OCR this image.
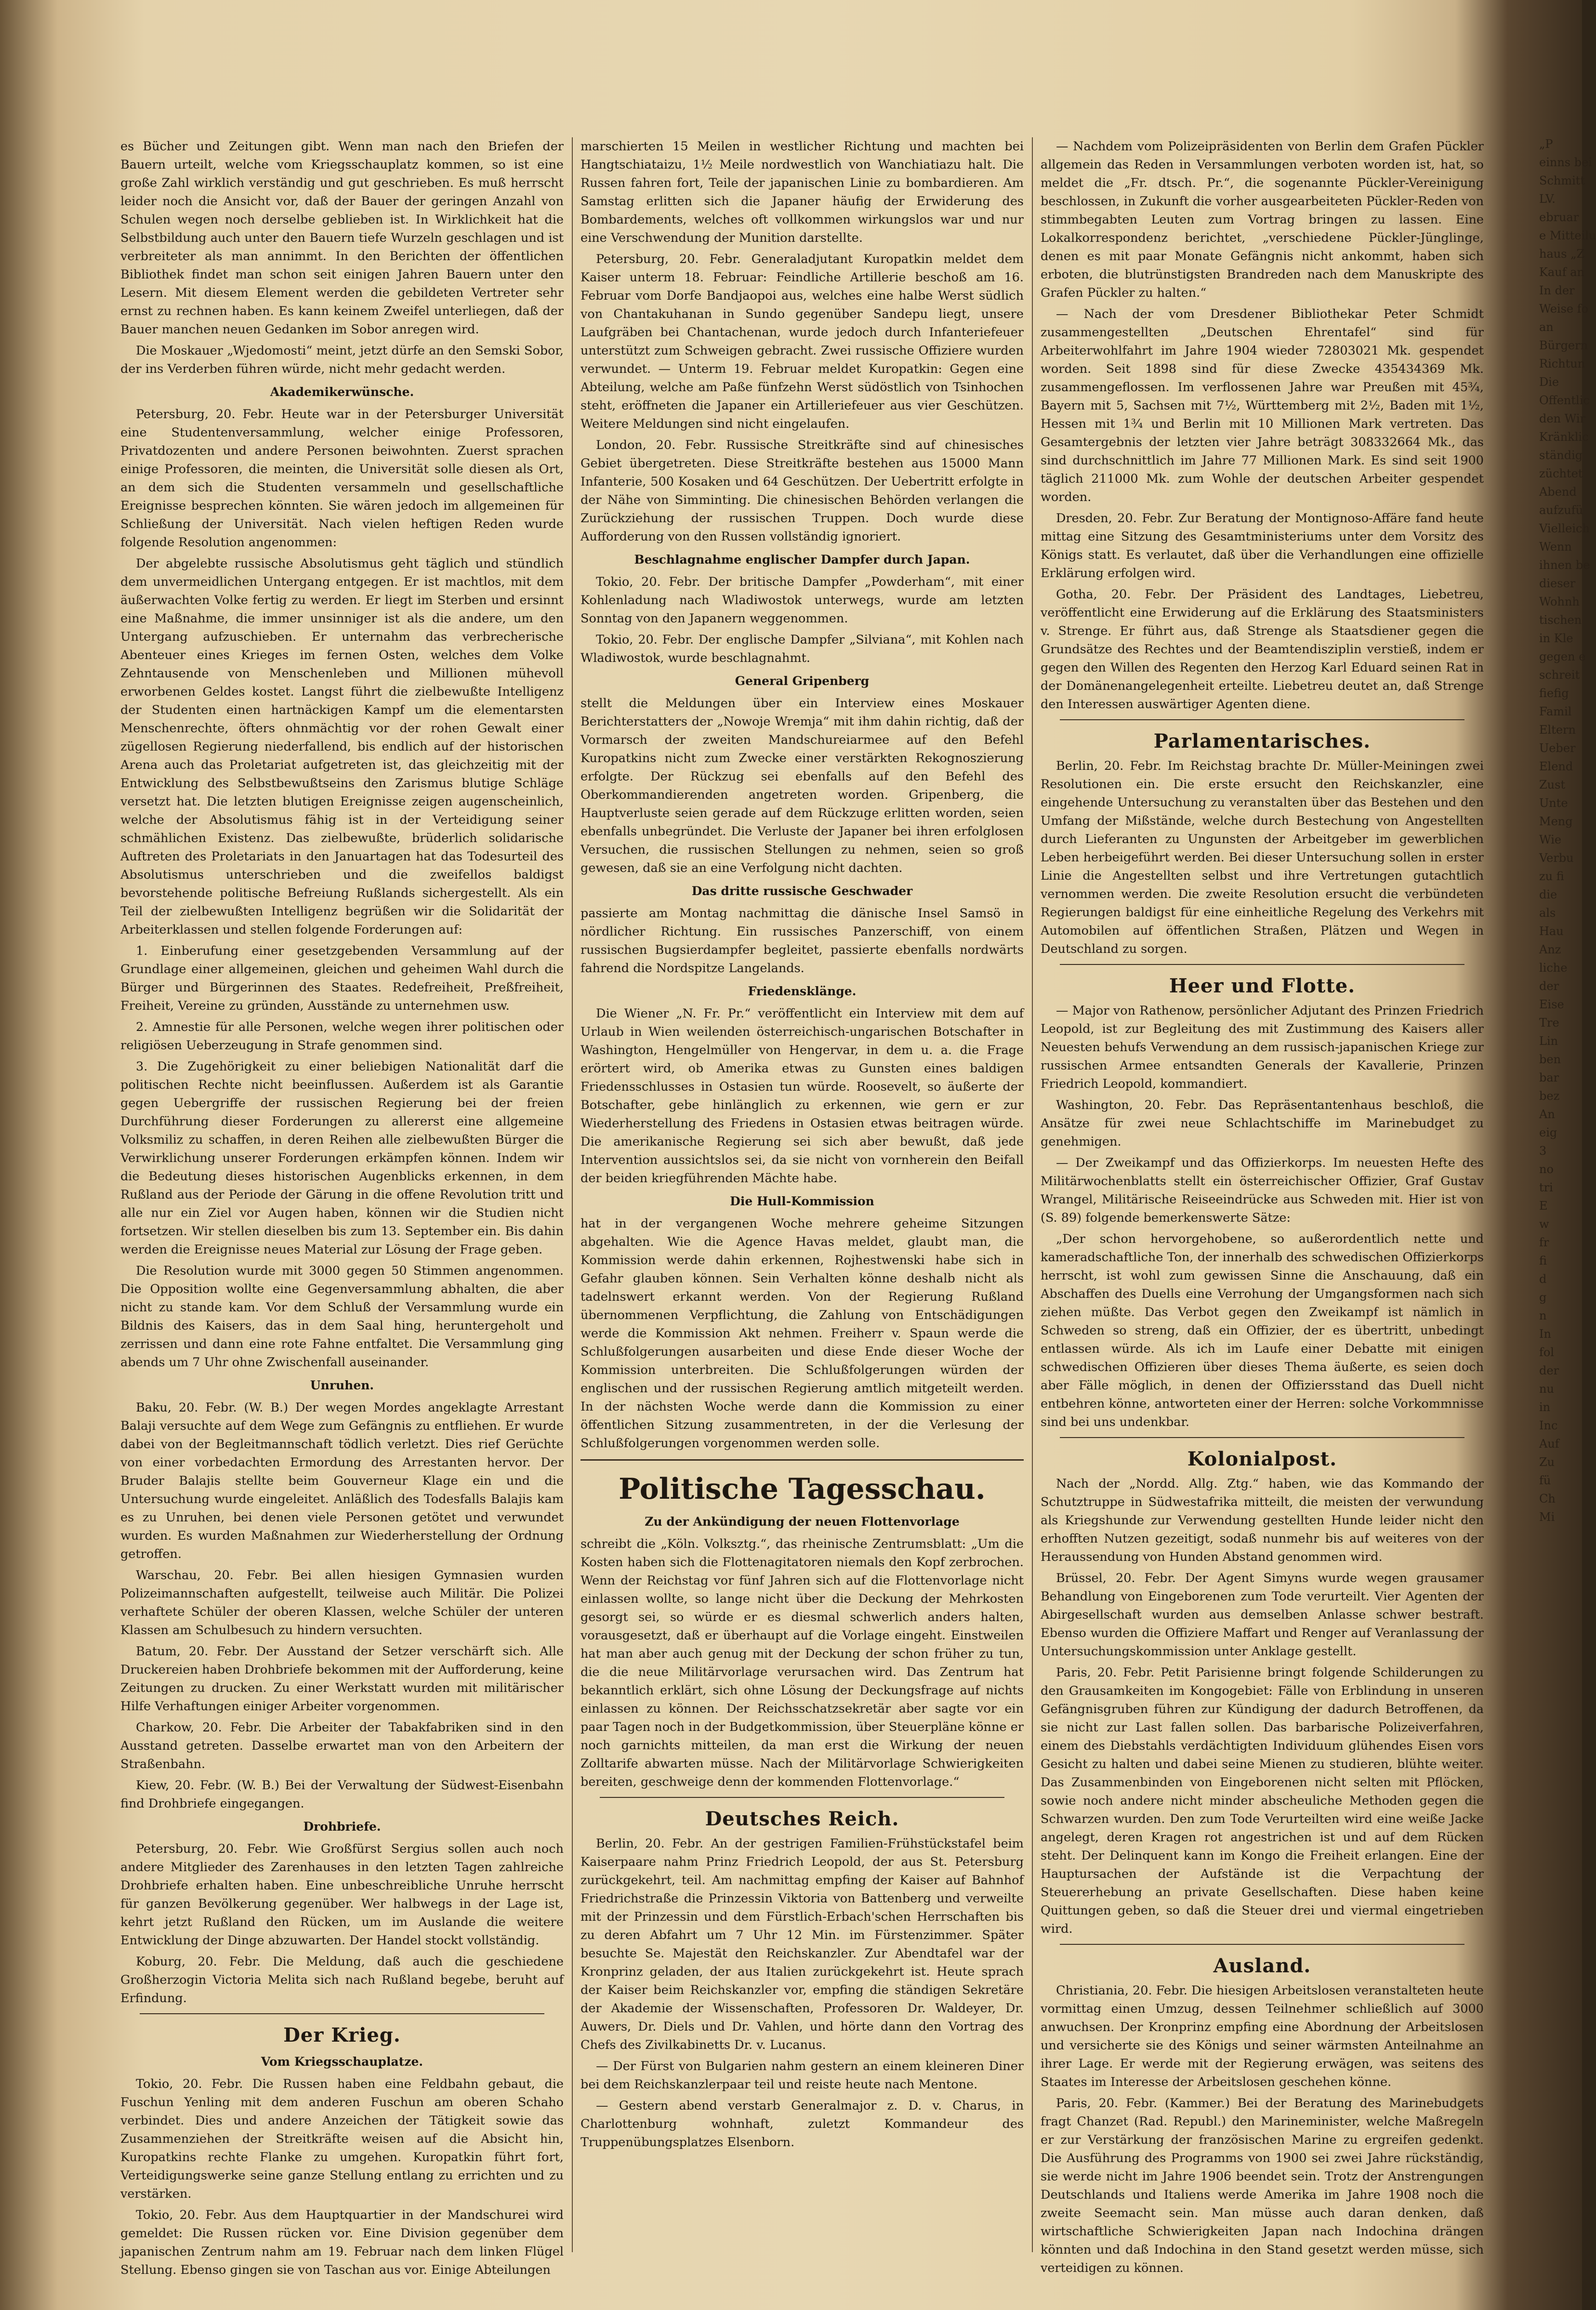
es Bücher und Zeitungen gibt. Wenn man nach den Briefen der Bauern urteilt, welche vom Kriegsschauplatz kommen, so ist eine große Zahl wirklich verständig und gut geschrieben. Es muß herrscht leider noch die Ansicht vor, daß der Bauer der geringen Anzahl von Schulen wegen noch derselbe geblieben ist. In Wirklichkeit hat die Selbstbildung auch unter den Bauern tiefe Wurzeln geschlagen und ist verbreiteter als man annimmt. In den Berichten der öffentlichen Bibliothek findet man schon seit einigen Jahren Bauern unter den Lesern. Mit diesem Element werden die gebildeten Vertreter sehr ernst zu rechnen haben. Es kann keinem Zweifel unterliegen, daß der Bauer manchen neuen Gedanken im Sobor anregen wird.

Die Moskauer „Wjedomosti“ meint, jetzt dürfe an den Semski Sobor, der ins Verderben führen würde, nicht mehr gedacht werden.

Akademikerwünsche.

Petersburg, 20. Febr. Heute war in der Petersburger Universität eine Studentenversammlung, welcher einige Professoren, Privatdozenten und andere Personen beiwohnten. Zuerst sprachen einige Professoren, die meinten, die Universität solle diesen als Ort, an dem sich die Studenten versammeln und gesellschaftliche Ereignisse besprechen könnten. Sie wären jedoch im allgemeinen für Schließung der Universität. Nach vielen heftigen Reden wurde folgende Resolution angenommen:

Der abgelebte russische Absolutismus geht täglich und stündlich dem unvermeidlichen Untergang entgegen. Er ist machtlos, mit dem äußerwachten Volke fertig zu werden. Er liegt im Sterben und ersinnt eine Maßnahme, die immer unsinniger ist als die andere, um den Untergang aufzuschieben. Er unternahm das verbrecherische Abenteuer eines Krieges im fernen Osten, welches dem Volke Zehntausende von Menschenleben und Millionen mühevoll erworbenen Geldes kostet. Langst führt die zielbewußte Intelligenz der Studenten einen hartnäckigen Kampf um die elementarsten Menschenrechte, öfters ohnmächtig vor der rohen Gewalt einer zügellosen Regierung niederfallend, bis endlich auf der historischen Arena auch das Proletariat aufgetreten ist, das gleichzeitig mit der Entwicklung des Selbstbewußtseins den Zarismus blutige Schläge versetzt hat. Die letzten blutigen Ereignisse zeigen augenscheinlich, welche der Absolutismus fähig ist in der Verteidigung seiner schmählichen Existenz. Das zielbewußte, brüderlich solidarische Auftreten des Proletariats in den Januartagen hat das Todesurteil des Absolutismus unterschrieben und die zweifellos baldigst bevorstehende politische Befreiung Rußlands sichergestellt. Als ein Teil der zielbewußten Intelligenz begrüßen wir die Solidarität der Arbeiterklassen und stellen folgende Forderungen auf:

1. Einberufung einer gesetzgebenden Versammlung auf der Grundlage einer allgemeinen, gleichen und geheimen Wahl durch die Bürger und Bürgerinnen des Staates. Redefreiheit, Preßfreiheit, Freiheit, Vereine zu gründen, Ausstände zu unternehmen usw.

2. Amnestie für alle Personen, welche wegen ihrer politischen oder religiösen Ueberzeugung in Strafe genommen sind.

3. Die Zugehörigkeit zu einer beliebigen Nationalität darf die politischen Rechte nicht beeinflussen. Außerdem ist als Garantie gegen Uebergriffe der russischen Regierung bei der freien Durchführung dieser Forderungen zu allererst eine allgemeine Volksmiliz zu schaffen, in deren Reihen alle zielbewußten Bürger die Verwirklichung unserer Forderungen erkämpfen können. Indem wir die Bedeutung dieses historischen Augenblicks erkennen, in dem Rußland aus der Periode der Gärung in die offene Revolution tritt und alle nur ein Ziel vor Augen haben, können wir die Studien nicht fortsetzen. Wir stellen dieselben bis zum 13. September ein. Bis dahin werden die Ereignisse neues Material zur Lösung der Frage geben.

Die Resolution wurde mit 3000 gegen 50 Stimmen angenommen. Die Opposition wollte eine Gegenversammlung abhalten, die aber nicht zu stande kam. Vor dem Schluß der Versammlung wurde ein Bildnis des Kaisers, das in dem Saal hing, heruntergeholt und zerrissen und dann eine rote Fahne entfaltet. Die Versammlung ging abends um 7 Uhr ohne Zwischenfall auseinander.

Unruhen.

Baku, 20. Febr. (W. B.) Der wegen Mordes angeklagte Arrestant Balaji versuchte auf dem Wege zum Gefängnis zu entfliehen. Er wurde dabei von der Begleitmannschaft tödlich verletzt. Dies rief Gerüchte von einer vorbedachten Ermordung des Arrestanten hervor. Der Bruder Balajis stellte beim Gouverneur Klage ein und die Untersuchung wurde eingeleitet. Anläßlich des Todesfalls Balajis kam es zu Unruhen, bei denen viele Personen getötet und verwundet wurden. Es wurden Maßnahmen zur Wiederherstellung der Ordnung getroffen.

Warschau, 20. Febr. Bei allen hiesigen Gymnasien wurden Polizeimannschaften aufgestellt, teilweise auch Militär. Die Polizei verhaftete Schüler der oberen Klassen, welche Schüler der unteren Klassen am Schulbesuch zu hindern versuchten.

Batum, 20. Febr. Der Ausstand der Setzer verschärft sich. Alle Druckereien haben Drohbriefe bekommen mit der Aufforderung, keine Zeitungen zu drucken. Zu einer Werkstatt wurden mit militärischer Hilfe Verhaftungen einiger Arbeiter vorgenommen.

Charkow, 20. Febr. Die Arbeiter der Tabakfabriken sind in den Ausstand getreten. Dasselbe erwartet man von den Arbeitern der Straßenbahn.

Kiew, 20. Febr. (W. B.) Bei der Verwaltung der Südwest-Eisenbahn find Drohbriefe eingegangen.

Drohbriefe.

Petersburg, 20. Febr. Wie Großfürst Sergius sollen auch noch andere Mitglieder des Zarenhauses in den letzten Tagen zahlreiche Drohbriefe erhalten haben. Eine unbeschreibliche Unruhe herrscht für ganzen Bevölkerung gegenüber. Wer halbwegs in der Lage ist, kehrt jetzt Rußland den Rücken, um im Auslande die weitere Entwicklung der Dinge abzuwarten. Der Handel stockt vollständig.

Koburg, 20. Febr. Die Meldung, daß auch die geschiedene Großherzogin Victoria Melita sich nach Rußland begebe, beruht auf Erfindung.

Der Krieg.
Vom Kriegsschauplatze.

Tokio, 20. Febr. Die Russen haben eine Feldbahn gebaut, die Fuschun Yenling mit dem anderen Fuschun am oberen Schaho verbindet. Dies und andere Anzeichen der Tätigkeit sowie das Zusammenziehen der Streitkräfte weisen auf die Absicht hin, Kuropatkins rechte Flanke zu umgehen. Kuropatkin führt fort, Verteidigungswerke seine ganze Stellung entlang zu errichten und zu verstärken.

Tokio, 20. Febr. Aus dem Hauptquartier in der Mandschurei wird gemeldet: Die Russen rücken vor. Eine Division gegenüber dem japanischen Zentrum nahm am 19. Februar nach dem linken Flügel Stellung. Ebenso gingen sie von Taschan aus vor. Einige Abteilungen

marschierten 15 Meilen in westlicher Richtung und machten bei Hangtschiataizu, 1½ Meile nordwestlich von Wanchiatiazu halt. Die Russen fahren fort, Teile der japanischen Linie zu bombardieren. Am Samstag erlitten sich die Japaner häufig der Erwiderung des Bombardements, welches oft vollkommen wirkungslos war und nur eine Verschwendung der Munition darstellte.

Petersburg, 20. Febr. Generaladjutant Kuropatkin meldet dem Kaiser unterm 18. Februar: Feindliche Artillerie beschoß am 16. Februar vom Dorfe Bandjaopoi aus, welches eine halbe Werst südlich von Chantakuhanan in Sundo gegenüber Sandepu liegt, unsere Laufgräben bei Chantachenan, wurde jedoch durch Infanteriefeuer unterstützt zum Schweigen gebracht. Zwei russische Offiziere wurden verwundet. — Unterm 19. Februar meldet Kuropatkin: Gegen eine Abteilung, welche am Paße fünfzehn Werst südöstlich von Tsinhochen steht, eröffneten die Japaner ein Artilleriefeuer aus vier Geschützen. Weitere Meldungen sind nicht eingelaufen.

London, 20. Febr. Russische Streitkräfte sind auf chinesisches Gebiet übergetreten. Diese Streitkräfte bestehen aus 15000 Mann Infanterie, 500 Kosaken und 64 Geschützen. Der Uebertritt erfolgte in der Nähe von Simminting. Die chinesischen Behörden verlangen die Zurückziehung der russischen Truppen. Doch wurde diese Aufforderung von den Russen vollständig ignoriert.

Beschlagnahme englischer Dampfer durch Japan.

Tokio, 20. Febr. Der britische Dampfer „Powderham“, mit einer Kohlenladung nach Wladiwostok unterwegs, wurde am letzten Sonntag von den Japanern weggenommen.

Tokio, 20. Febr. Der englische Dampfer „Silviana“, mit Kohlen nach Wladiwostok, wurde beschlagnahmt.

General Gripenberg

stellt die Meldungen über ein Interview eines Moskauer Berichterstatters der „Nowoje Wremja“ mit ihm dahin richtig, daß der Vormarsch der zweiten Mandschureiarmee auf den Befehl Kuropatkins nicht zum Zwecke einer verstärkten Rekognoszierung erfolgte. Der Rückzug sei ebenfalls auf den Befehl des Oberkommandierenden angetreten worden. Gripenberg, die Hauptverluste seien gerade auf dem Rückzuge erlitten worden, seien ebenfalls unbegründet. Die Verluste der Japaner bei ihren erfolglosen Versuchen, die russischen Stellungen zu nehmen, seien so groß gewesen, daß sie an eine Verfolgung nicht dachten.

Das dritte russische Geschwader

passierte am Montag nachmittag die dänische Insel Samsö in nördlicher Richtung. Ein russisches Panzerschiff, von einem russischen Bugsierdampfer begleitet, passierte ebenfalls nordwärts fahrend die Nordspitze Langelands.

Friedensklänge.

Die Wiener „N. Fr. Pr.“ veröffentlicht ein Interview mit dem auf Urlaub in Wien weilenden österreichisch-ungarischen Botschafter in Washington, Hengelmüller von Hengervar, in dem u. a. die Frage erörtert wird, ob Amerika etwas zu Gunsten eines baldigen Friedensschlusses in Ostasien tun würde. Roosevelt, so äußerte der Botschafter, gebe hinlänglich zu erkennen, wie gern er zur Wiederherstellung des Friedens in Ostasien etwas beitragen würde. Die amerikanische Regierung sei sich aber bewußt, daß jede Intervention aussichtslos sei, da sie nicht von vornherein den Beifall der beiden kriegführenden Mächte habe.

Die Hull-Kommission

hat in der vergangenen Woche mehrere geheime Sitzungen abgehalten. Wie die Agence Havas meldet, glaubt man, die Kommission werde dahin erkennen, Rojhestwenski habe sich in Gefahr glauben können. Sein Verhalten könne deshalb nicht als tadelnswert erkannt werden. Von der Regierung Rußland übernommenen Verpflichtung, die Zahlung von Entschädigungen werde die Kommission Akt nehmen. Freiherr v. Spaun werde die Schlußfolgerungen ausarbeiten und diese Ende dieser Woche der Kommission unterbreiten. Die Schlußfolgerungen würden der englischen und der russischen Regierung amtlich mitgeteilt werden. In der nächsten Woche werde dann die Kommission zu einer öffentlichen Sitzung zusammentreten, in der die Verlesung der Schlußfolgerungen vorgenommen werden solle.

Politische Tagesschau.
Zu der Ankündigung der neuen Flottenvorlage

schreibt die „Köln. Volksztg.“, das rheinische Zentrumsblatt: „Um die Kosten haben sich die Flottenagitatoren niemals den Kopf zerbrochen. Wenn der Reichstag vor fünf Jahren sich auf die Flottenvorlage nicht einlassen wollte, so lange nicht über die Deckung der Mehrkosten gesorgt sei, so würde er es diesmal schwerlich anders halten, vorausgesetzt, daß er überhaupt auf die Vorlage eingeht. Einstweilen hat man aber auch genug mit der Deckung der schon früher zu tun, die die neue Militärvorlage verursachen wird. Das Zentrum hat bekanntlich erklärt, sich ohne Lösung der Deckungsfrage auf nichts einlassen zu können. Der Reichsschatzsekretär aber sagte vor ein paar Tagen noch in der Budgetkommission, über Steuerpläne könne er noch garnichts mitteilen, da man erst die Wirkung der neuen Zolltarife abwarten müsse. Nach der Militärvorlage Schwierigkeiten bereiten, geschweige denn der kommenden Flottenvorlage.“

Deutsches Reich.

Berlin, 20. Febr. An der gestrigen Familien-Frühstückstafel beim Kaiserpaare nahm Prinz Friedrich Leopold, der aus St. Petersburg zurückgekehrt, teil. Am nachmittag empfing der Kaiser auf Bahnhof Friedrichstraße die Prinzessin Viktoria von Battenberg und verweilte mit der Prinzessin und dem Fürstlich-Erbach'schen Herrschaften bis zu deren Abfahrt um 7 Uhr 12 Min. im Fürstenzimmer. Später besuchte Se. Majestät den Reichskanzler. Zur Abendtafel war der Kronprinz geladen, der aus Italien zurückgekehrt ist. Heute sprach der Kaiser beim Reichskanzler vor, empfing die ständigen Sekretäre der Akademie der Wissenschaften, Professoren Dr. Waldeyer, Dr. Auwers, Dr. Diels und Dr. Vahlen, und hörte dann den Vortrag des Chefs des Zivilkabinetts Dr. v. Lucanus.

— Der Fürst von Bulgarien nahm gestern an einem kleineren Diner bei dem Reichskanzlerpaar teil und reiste heute nach Mentone.

— Gestern abend verstarb Generalmajor z. D. v. Charus, in Charlottenburg wohnhaft, zuletzt Kommandeur des Truppenübungsplatzes Elsenborn.

— Nachdem vom Polizeipräsidenten von Berlin dem Grafen Pückler allgemein das Reden in Versammlungen verboten worden ist, hat, so meldet die „Fr. dtsch. Pr.“, die sogenannte Pückler-Vereinigung beschlossen, in Zukunft die vorher ausgearbeiteten Pückler-Reden von stimmbegabten Leuten zum Vortrag bringen zu lassen. Eine Lokalkorrespondenz berichtet, „verschiedene Pückler-Jünglinge, denen es mit paar Monate Gefängnis nicht ankommt, haben sich erboten, die blutrünstigsten Brandreden nach dem Manuskripte des Grafen Pückler zu halten.“

— Nach der vom Dresdener Bibliothekar Peter Schmidt zusammengestellten „Deutschen Ehrentafel“ sind für Arbeiterwohlfahrt im Jahre 1904 wieder 72803021 Mk. gespendet worden. Seit 1898 sind für diese Zwecke 435434369 Mk. zusammengeflossen. Im verflossenen Jahre war Preußen mit 45¾, Bayern mit 5, Sachsen mit 7½, Württemberg mit 2½, Baden mit 1½, Hessen mit 1¾ und Berlin mit 10 Millionen Mark vertreten. Das Gesamtergebnis der letzten vier Jahre beträgt 308332664 Mk., das sind durchschnittlich im Jahre 77 Millionen Mark. Es sind seit 1900 täglich 211000 Mk. zum Wohle der deutschen Arbeiter gespendet worden.

Dresden, 20. Febr. Zur Beratung der Montignoso-Affäre fand heute mittag eine Sitzung des Gesamtministeriums unter dem Vorsitz des Königs statt. Es verlautet, daß über die Verhandlungen eine offizielle Erklärung erfolgen wird.

Gotha, 20. Febr. Der Präsident des Landtages, Liebetreu, veröffentlicht eine Erwiderung auf die Erklärung des Staatsministers v. Strenge. Er führt aus, daß Strenge als Staatsdiener gegen die Grundsätze des Rechtes und der Beamtendisziplin verstieß, indem er gegen den Willen des Regenten den Herzog Karl Eduard seinen Rat in der Domänenangelegenheit erteilte. Liebetreu deutet an, daß Strenge den Interessen auswärtiger Agenten diene.

Parlamentarisches.

Berlin, 20. Febr. Im Reichstag brachte Dr. Müller-Meiningen zwei Resolutionen ein. Die erste ersucht den Reichskanzler, eine eingehende Untersuchung zu veranstalten über das Bestehen und den Umfang der Mißstände, welche durch Bestechung von Angestellten durch Lieferanten zu Ungunsten der Arbeitgeber im gewerblichen Leben herbeigeführt werden. Bei dieser Untersuchung sollen in erster Linie die Angestellten selbst und ihre Vertretungen gutachtlich vernommen werden. Die zweite Resolution ersucht die verbündeten Regierungen baldigst für eine einheitliche Regelung des Verkehrs mit Automobilen auf öffentlichen Straßen, Plätzen und Wegen in Deutschland zu sorgen.

Heer und Flotte.

— Major von Rathenow, persönlicher Adjutant des Prinzen Friedrich Leopold, ist zur Begleitung des mit Zustimmung des Kaisers aller Neuesten behufs Verwendung an dem russisch-japanischen Kriege zur russischen Armee entsandten Generals der Kavallerie, Prinzen Friedrich Leopold, kommandiert.

Washington, 20. Febr. Das Repräsentantenhaus beschloß, die Ansätze für zwei neue Schlachtschiffe im Marinebudget zu genehmigen.

— Der Zweikampf und das Offizierkorps. Im neuesten Hefte des Militärwochenblatts stellt ein österreichischer Offizier, Graf Gustav Wrangel, Militärische Reiseeindrücke aus Schweden mit. Hier ist von (S. 89) folgende bemerkenswerte Sätze:

„Der schon hervorgehobene, so außerordentlich nette und kameradschaftliche Ton, der innerhalb des schwedischen Offizierkorps herrscht, ist wohl zum gewissen Sinne die Anschauung, daß ein Abschaffen des Duells eine Verrohung der Umgangsformen nach sich ziehen müßte. Das Verbot gegen den Zweikampf ist nämlich in Schweden so streng, daß ein Offizier, der es übertritt, unbedingt entlassen würde. Als ich im Laufe einer Debatte mit einigen schwedischen Offizieren über dieses Thema äußerte, es seien doch aber Fälle möglich, in denen der Offiziersstand das Duell nicht entbehren könne, antworteten einer der Herren: solche Vorkommnisse sind bei uns undenkbar.

Kolonialpost.

Nach der „Nordd. Allg. Ztg.“ haben, wie das Kommando der Schutztruppe in Südwestafrika mitteilt, die meisten der verwundung als Kriegshunde zur Verwendung gestellten Hunde leider nicht den erhofften Nutzen gezeitigt, sodaß nunmehr bis auf weiteres von der Heraussendung von Hunden Abstand genommen wird.

Brüssel, 20. Febr. Der Agent Simyns wurde wegen grausamer Behandlung von Eingeborenen zum Tode verurteilt. Vier Agenten der Abirgesellschaft wurden aus demselben Anlasse schwer bestraft. Ebenso wurden die Offiziere Maffart und Renger auf Veranlassung der Untersuchungskommission unter Anklage gestellt.

Paris, 20. Febr. Petit Parisienne bringt folgende Schilderungen zu den Grausamkeiten im Kongogebiet: Fälle von Erblindung in unseren Gefängnisgruben führen zur Kündigung der dadurch Betroffenen, da sie nicht zur Last fallen sollen. Das barbarische Polizeiverfahren, einem des Diebstahls verdächtigten Individuum glühendes Eisen vors Gesicht zu halten und dabei seine Mienen zu studieren, blühte weiter. Das Zusammenbinden von Eingeborenen nicht selten mit Pflöcken, sowie noch andere nicht minder abscheuliche Methoden gegen die Schwarzen wurden. Den zum Tode Verurteilten wird eine weiße Jacke angelegt, deren Kragen rot angestrichen ist und auf dem Rücken steht. Der Delinquent kann im Kongo die Freiheit erlangen. Eine der Hauptursachen der Aufstände ist die Verpachtung der Steuererhebung an private Gesellschaften. Diese haben keine Quittungen geben, so daß die Steuer drei und viermal eingetrieben wird.

Ausland.

Christiania, 20. Febr. Die hiesigen Arbeitslosen veranstalteten heute vormittag einen Umzug, dessen Teilnehmer schließlich auf 3000 anwuchsen. Der Kronprinz empfing eine Abordnung der Arbeitslosen und versicherte sie des Königs und seiner wärmsten Anteilnahme an ihrer Lage. Er werde mit der Regierung erwägen, was seitens des Staates im Interesse der Arbeitslosen geschehen könne.

Paris, 20. Febr. (Kammer.) Bei der Beratung des Marinebudgets fragt Chanzet (Rad. Republ.) den Marineminister, welche Maßregeln er zur Verstärkung der französischen Marine zu ergreifen gedenkt. Die Ausführung des Programms von 1900 sei zwei Jahre rückständig, sie werde nicht im Jahre 1906 beendet sein. Trotz der Anstrengungen Deutschlands und Italiens werde Amerika im Jahre 1908 noch die zweite Seemacht sein. Man müsse auch daran denken, daß wirtschaftliche Schwierigkeiten Japan nach Indochina drängen könnten und daß Indochina in den Stand gesetzt werden müsse, sich verteidigen zu können.

„P
einns bei
Schmitt
LV.
ebruar
e Mitteilu
haus „Z
Kauf an
In der
Weise fo
an
Bürgern
Richtun
Die
Offentlic
den Wir
Kränklic
ständig
züchtet
Abend
aufzufü
Vielleich
Wenn
ihnen be
dieser
Wohnh
tischen
in Kle
gegen e
schreit
fiefig
Famil
Eltern
Ueber
Elend
Zust
Unte
Meng
Wie
Verbu
zu fi
die
als
Hau
Anz
liche
der
Eise
Tre
Lin
ben
bar
bez
An
eig
3
no
tri
E
w
fr
fi
d
g
n
In
fol
der
nu
in
Inc
Auf
Zu
fü
Ch
Mi
